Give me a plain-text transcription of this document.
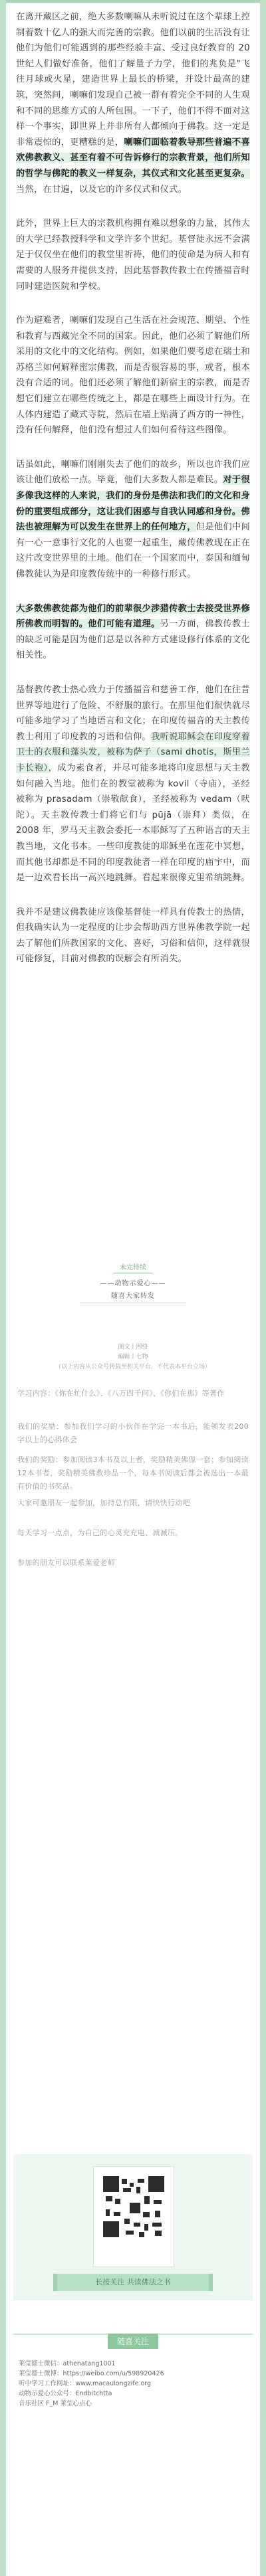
在离开藏区之前，绝大多数喇嘛从未听说过在这个辈球上控制着数十亿人的强大而完善的宗教。他们以前的生活没有让他们为他们可能遇到的那些经验丰富、受过良好教育的 20 世纪人们做好准备，他们了解量子力学，他们的兆负是"飞往月球或火星，建造世界上最长的桥梁，并设计最高的建筑，突然间，喇嘛们发现自己被一群有着完全不同的人生观和不同的思维方式的人所包围。一下子，他们不得不面对这样一个事实，即世界上并非所有人都倾向于佛教。这一定是非常震惊的，更糟糕的是，喇嘛们面临着教导那些普遍不喜欢佛教教义、甚至有着不可告诉修行的宗教背景，他们所知的哲学与佛陀的教义一样复杂，其仪式和文化甚至更复杂。当然，在甘遍，以及它的许多仪式和仪式。

此外，世界上巨大的宗教机构拥有难以想象的力量，其伟大的大学已经教授科学和文学许多个世纪。基督徒永远不会满足于仅仅坐在他们的教堂里祈祷，他们的使命是为病人和有需要的人服务并提供支持，因此基督教传教士在传播福音时同时建造医院和学校。

作为避难者，喇嘛们发现自己生活在社会规范、期望、个性和教育与西藏完全不同的国家。因此，他们必须了解他们所采用的文化中的文化结构。例如，如果他们要考虑在瑞士和苏格兰如何解释密宗佛教，而是否很容易的事，或者，根本没有合适的词。他们还必须了解他们新宿主的宗教，而是否想它们建立在哪些传统之上，都是在哪些上面设计行为。在人体内建造了藏式寺院，然后在墙上贴满了西方的一神性，没有任何解释，他们没有想过人们如何看待这些图像。

话虽如此，喇嘛们刚刚失去了他们的故乡，所以也许我们应该让他们放松一点。毕竟，他们大多数人都是难民。对于很多像我这样的人来说，我们的身份是佛法和我们的文化和身份的重要组成部分，这让我们困惑与自我认同感和身份。佛法也被理解为可以发生在世界上的任何地方，但是他们中间有一心一意事行文化的人也要一起重生，藏传佛教现在正在这片改变世界里的土地。他们在一个国家而中，泰国和缅甸佛教徒认为是印度教传统中的一种修行形式。

大多数佛教徒都为他们的前辈很少涉猎传教士去接受世界修所佛教而明智的。他们可能有道理。另一方面，佛教传教士的缺乏可能是因为他们总是以各种方式建设修行体系的文化相关性。

基督教传教士热心致力于传播福音和慈善工作，他们在往昔世界等地进行了危险、不舒服的旅行。在那里他们很快就尽可能多地学习了当地语言和文化；在印度传福音的天主教传教士利用了印度教的习语和信仰。我听说耶稣会在印度穿着卫士的衣服和蓬头发，被称为萨子（sami dhotis，斯里兰卡长袍），成为素食者，并尽可能多地将印度思想与天主教如何融入当地。他们在的教堂被称为 kovil（寺庙），圣经被称为 prasadam（崇敬献食），圣经被称为 vedam（吠陀）。天主教传教士们将它们与 pūjā（崇拜）类似，在 2008 年，罗马天主教会委托一本耶稣写了五种语言的天主教当地，文化书本。一些印度教徒的耶稣坐在莲花中冥想，而其他书却都是不同的印度教徒者一样在印度的庙宇中，而是一边欢看长出一高兴地跳舞。看起来很像克里希纳跳舞。

我并不是建议佛教徒应该像基督徒一样具有传教士的热情，但我确实认为一定程度的让步会帮助西方世界佛教学院一起去了解他们所教国家的文化、喜好，习俗和信仰，这样就很可能修复，目前对佛教的误解会有所消失。

未完待续
——动物示爱心——
随喜大家转发
图文丨网络
编辑丨七物
（以上内容从公众号转载至相关平台，不代表本平台立场）

学习内容：《你在忙什么》、《八万四千问》、《你们在那》等著作

我们的奖励：参加我们学习的小伙伴在学完一本书后，能领发表200字以上的心得体会

我们的奖励：参加阅读3本书及以上者，奖励精美佛像一套；参加阅读12本书者，奖励精美佛教珍品一个，每本书阅读后都会被选出一本最有价值的书奖品。

大家可邀朋友一起参加，加持总有限，请快快行动吧

每天学习一点点，为自己的心灵充充电、减减压。

参加的朋友可以联系莱爱老师

长按关注 共读佛法之书
随喜关注
莱莹德士微信：athenatang1001
莱莹德士微博：https://weibo.com/u/598920426
听中学习工作网址：www.macaulongzife.org
动物示爱心公众号：Endbitchtta
音乐社区 F_M 莱莹心点心
